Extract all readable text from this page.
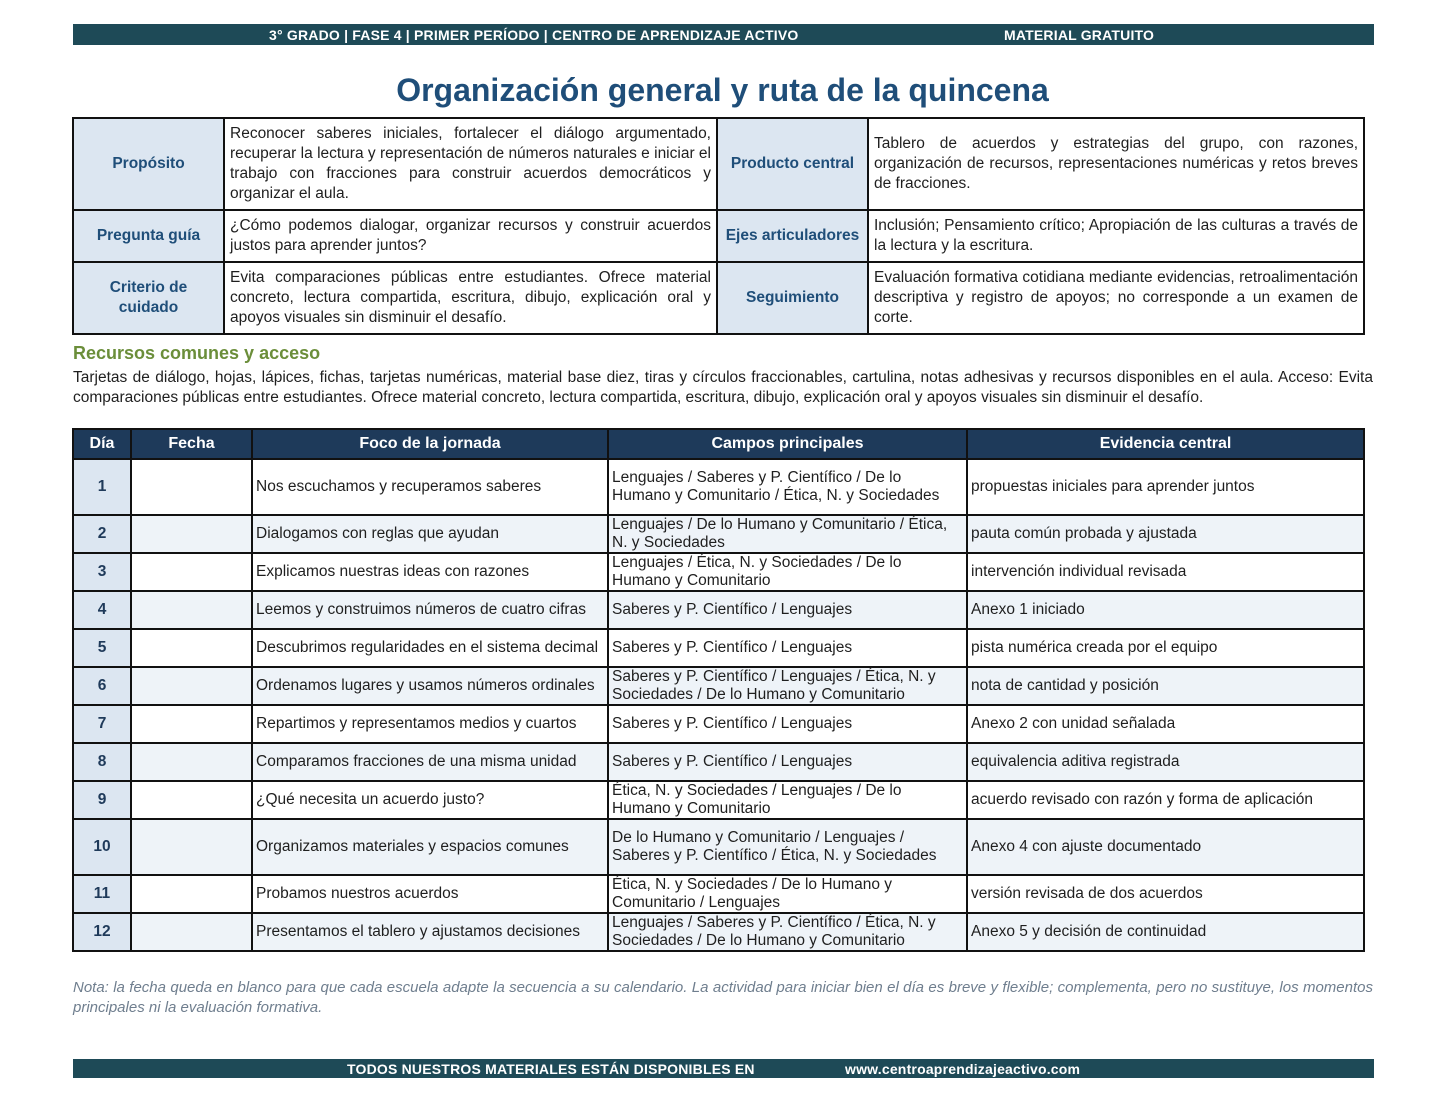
3° GRADO | FASE 4 | PRIMER PERÍODO | CENTRO DE APRENDIZAJE ACTIVO	MATERIAL GRATUITO
Organización general y ruta de la quincena
Propósito	Reconocer saberes iniciales, fortalecer el diálogo argumentado, recuperar la lectura y representación de números naturales e iniciar el trabajo con fracciones para construir acuerdos democráticos y organizar el aula.	Producto central	Tablero de acuerdos y estrategias del grupo, con razones, organización de recursos, representaciones numéricas y retos breves de fracciones.
Pregunta guía	¿Cómo podemos dialogar, organizar recursos y construir acuerdos justos para aprender juntos?	Ejes articuladores	Inclusión; Pensamiento crítico; Apropiación de las culturas a través de la lectura y la escritura.
Criterio de cuidado	Evita comparaciones públicas entre estudiantes. Ofrece material concreto, lectura compartida, escritura, dibujo, explicación oral y apoyos visuales sin disminuir el desafío.	Seguimiento	Evaluación formativa cotidiana mediante evidencias, retroalimentación descriptiva y registro de apoyos; no corresponde a un examen de corte.
Recursos comunes y acceso

Tarjetas de diálogo, hojas, lápices, fichas, tarjetas numéricas, material base diez, tiras y círculos fraccionables, cartulina, notas adhesivas y recursos disponibles en el aula. Acceso: Evita comparaciones públicas entre estudiantes. Ofrece material concreto, lectura compartida, escritura, dibujo, explicación oral y apoyos visuales sin disminuir el desafío.

Día	Fecha	Foco de la jornada	Campos principales	Evidencia central
1		Nos escuchamos y recuperamos saberes	Lenguajes / Saberes y P. Científico / De lo Humano y Comunitario / Ética, N. y Sociedades	propuestas iniciales para aprender juntos
2		Dialogamos con reglas que ayudan	Lenguajes / De lo Humano y Comunitario / Ética, N. y Sociedades	pauta común probada y ajustada
3		Explicamos nuestras ideas con razones	Lenguajes / Ética, N. y Sociedades / De lo Humano y Comunitario	intervención individual revisada
4		Leemos y construimos números de cuatro cifras	Saberes y P. Científico / Lenguajes	Anexo 1 iniciado
5		Descubrimos regularidades en el sistema decimal	Saberes y P. Científico / Lenguajes	pista numérica creada por el equipo
6		Ordenamos lugares y usamos números ordinales	Saberes y P. Científico / Lenguajes / Ética, N. y Sociedades / De lo Humano y Comunitario	nota de cantidad y posición
7		Repartimos y representamos medios y cuartos	Saberes y P. Científico / Lenguajes	Anexo 2 con unidad señalada
8		Comparamos fracciones de una misma unidad	Saberes y P. Científico / Lenguajes	equivalencia aditiva registrada
9		¿Qué necesita un acuerdo justo?	Ética, N. y Sociedades / Lenguajes / De lo Humano y Comunitario	acuerdo revisado con razón y forma de aplicación
10		Organizamos materiales y espacios comunes	De lo Humano y Comunitario / Lenguajes / Saberes y P. Científico / Ética, N. y Sociedades	Anexo 4 con ajuste documentado
11		Probamos nuestros acuerdos	Ética, N. y Sociedades / De lo Humano y Comunitario / Lenguajes	versión revisada de dos acuerdos
12		Presentamos el tablero y ajustamos decisiones	Lenguajes / Saberes y P. Científico / Ética, N. y Sociedades / De lo Humano y Comunitario	Anexo 5 y decisión de continuidad

Nota: la fecha queda en blanco para que cada escuela adapte la secuencia a su calendario. La actividad para iniciar bien el día es breve y flexible; complementa, pero no sustituye, los momentos principales ni la evaluación formativa.

TODOS NUESTROS MATERIALES ESTÁN DISPONIBLES EN	www.centroaprendizajeactivo.com
